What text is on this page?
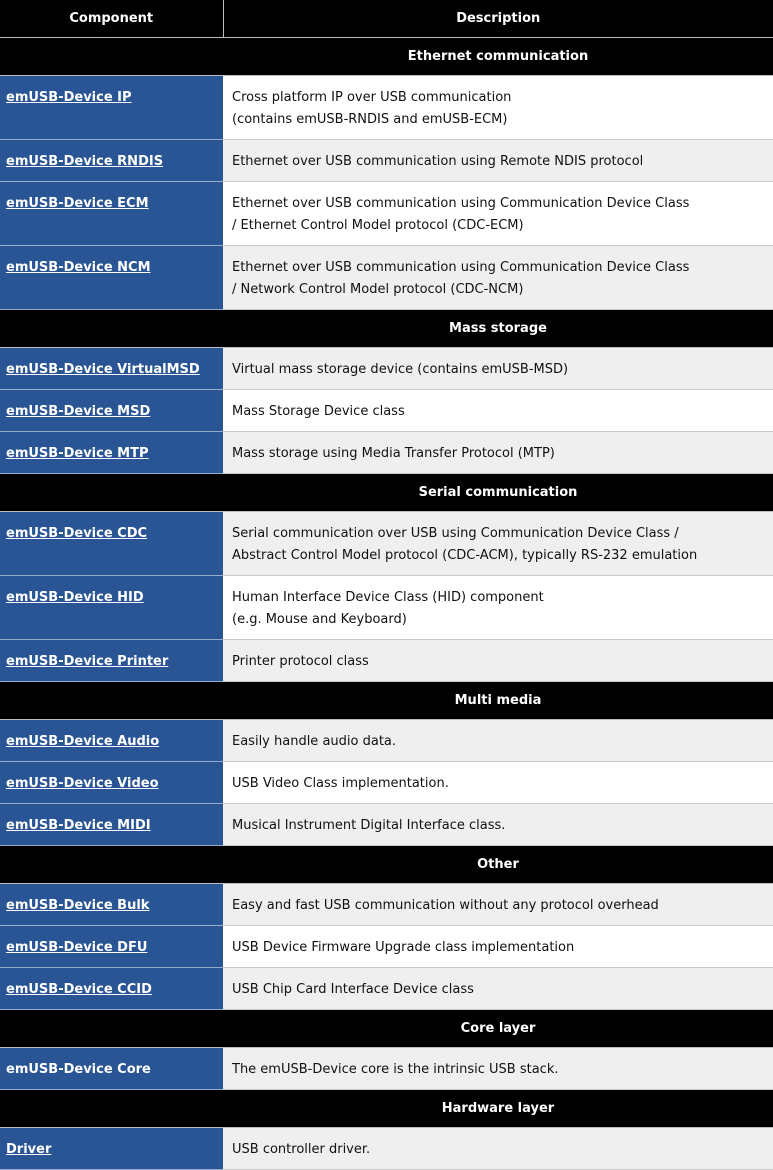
Component	Description
	Ethernet communication
emUSB-Device IP	Cross platform IP over USB communication
(contains emUSB-RNDIS and emUSB-ECM)

emUSB-Device RNDIS	Ethernet over USB communication using Remote NDIS protocol

emUSB-Device ECM	Ethernet over USB communication using Communication Device Class
/ Ethernet Control Model protocol (CDC-ECM)

emUSB-Device NCM	Ethernet over USB communication using Communication Device Class
/ Network Control Model protocol (CDC-NCM)

	Mass storage
emUSB-Device VirtualMSD	Virtual mass storage device (contains emUSB-MSD)

emUSB-Device MSD	Mass Storage Device class

emUSB-Device MTP	Mass storage using Media Transfer Protocol (MTP)

	Serial communication
emUSB-Device CDC	Serial communication over USB using Communication Device Class /
Abstract Control Model protocol (CDC-ACM), typically RS-232 emulation

emUSB-Device HID	Human Interface Device Class (HID) component
(e.g. Mouse and Keyboard)

emUSB-Device Printer	Printer protocol class

	Multi media
emUSB-Device Audio	Easily handle audio data.

emUSB-Device Video	USB Video Class implementation.

emUSB-Device MIDI	Musical Instrument Digital Interface class.

	Other
emUSB-Device Bulk	Easy and fast USB communication without any protocol overhead

emUSB-Device DFU	USB Device Firmware Upgrade class implementation

emUSB-Device CCID	USB Chip Card Interface Device class

	Core layer
emUSB-Device Core	The emUSB-Device core is the intrinsic USB stack.

	Hardware layer
Driver	USB controller driver.
